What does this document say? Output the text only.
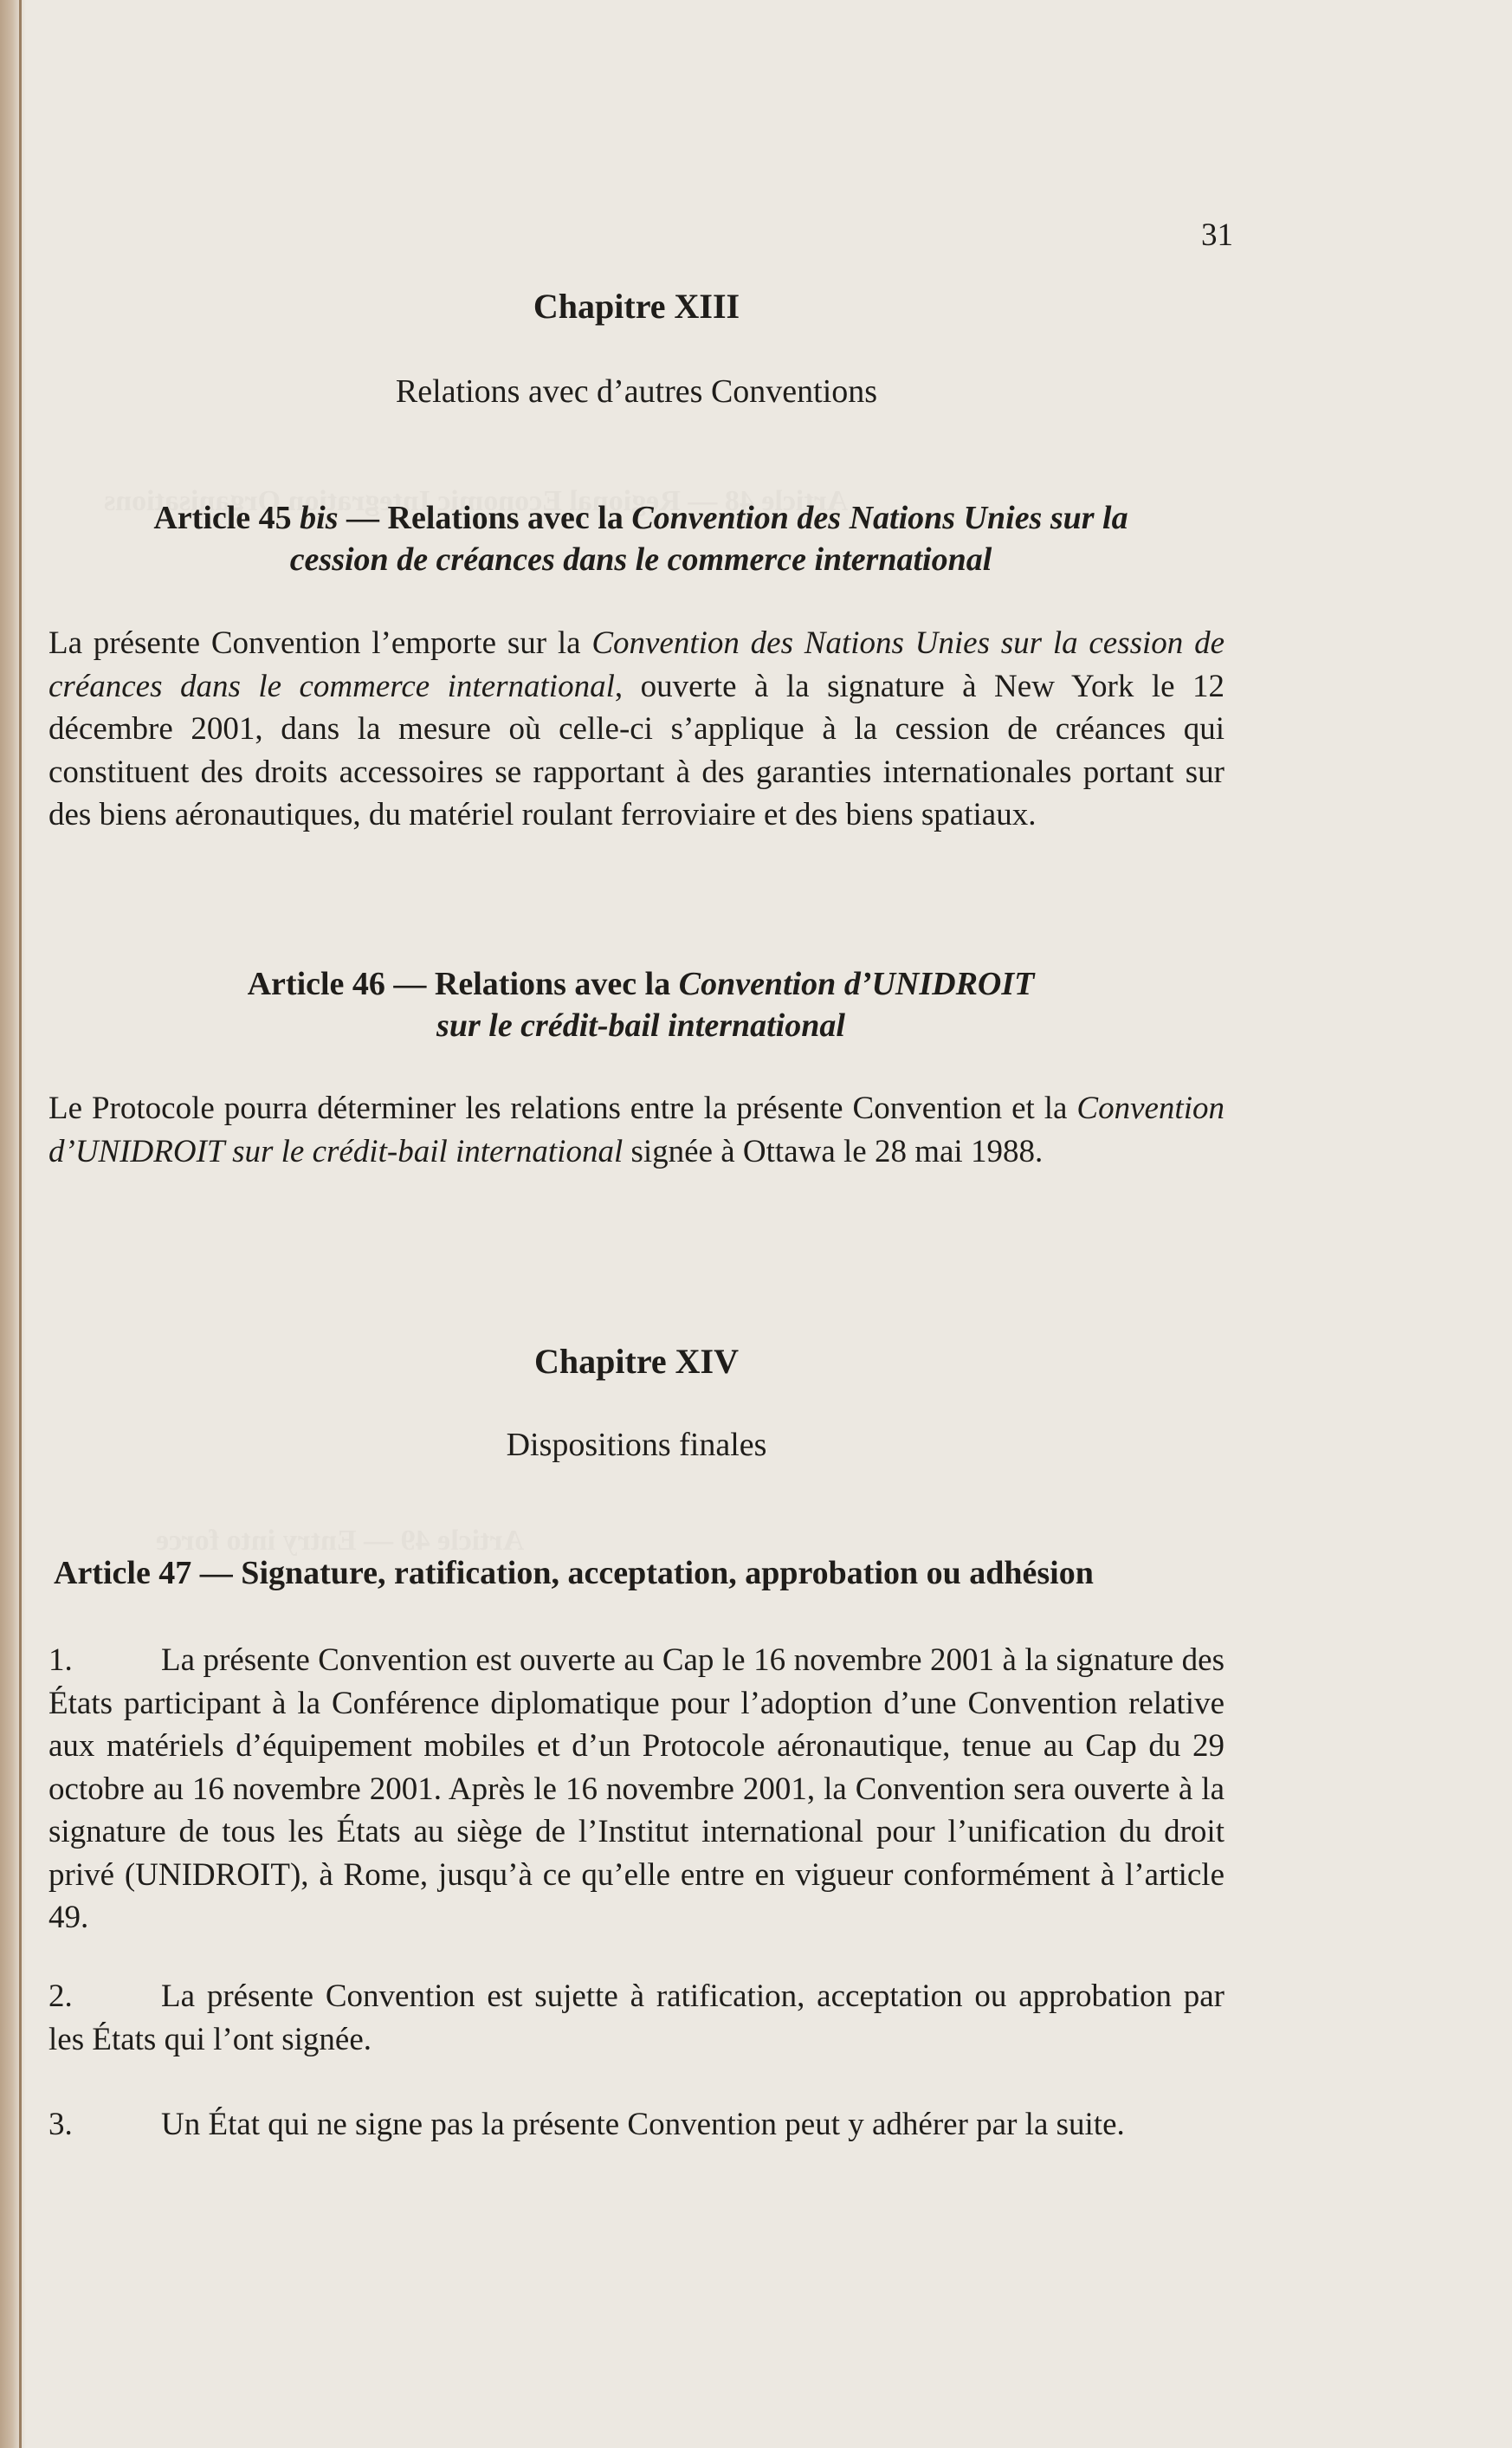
31
Chapitre XIII
Relations avec d’autres Conventions
Article 45 bis — Relations avec la Convention des Nations Unies sur la
cession de créances dans le commerce international
La présente Convention l’emporte sur la Convention des Nations Unies sur la cession de créances dans le commerce international, ouverte à la signature à New York le 12 décembre 2001, dans la mesure où celle-ci s’applique à la cession de créances qui constituent des droits accessoires se rapportant à des garanties internationales portant sur des biens aéronautiques, du matériel roulant ferroviaire et des biens spatiaux.
Article 46 — Relations avec la Convention d’UNIDROIT
sur le crédit-bail international
Le Protocole pourra déterminer les relations entre la présente Convention et la Convention d’UNIDROIT sur le crédit-bail international signée à Ottawa le 28 mai 1988.
Chapitre XIV
Dispositions finales
Article 47 — Signature, ratification, acceptation, approbation ou adhésion
1.	La présente Convention est ouverte au Cap le 16 novembre 2001 à la signature des États participant à la Conférence diplomatique pour l’adoption d’une Convention relative aux matériels d’équipement mobiles et d’un Protocole aéronautique, tenue au Cap du 29 octobre au 16 novembre 2001. Après le 16 novembre 2001, la Convention sera ouverte à la signature de tous les États au siège de l’Institut international pour l’unification du droit privé (UNIDROIT), à Rome, jusqu’à ce qu’elle entre en vigueur conformément à l’article 49.
2.	La présente Convention est sujette à ratification, acceptation ou approbation par les États qui l’ont signée.
3.	Un État qui ne signe pas la présente Convention peut y adhérer par la suite.
